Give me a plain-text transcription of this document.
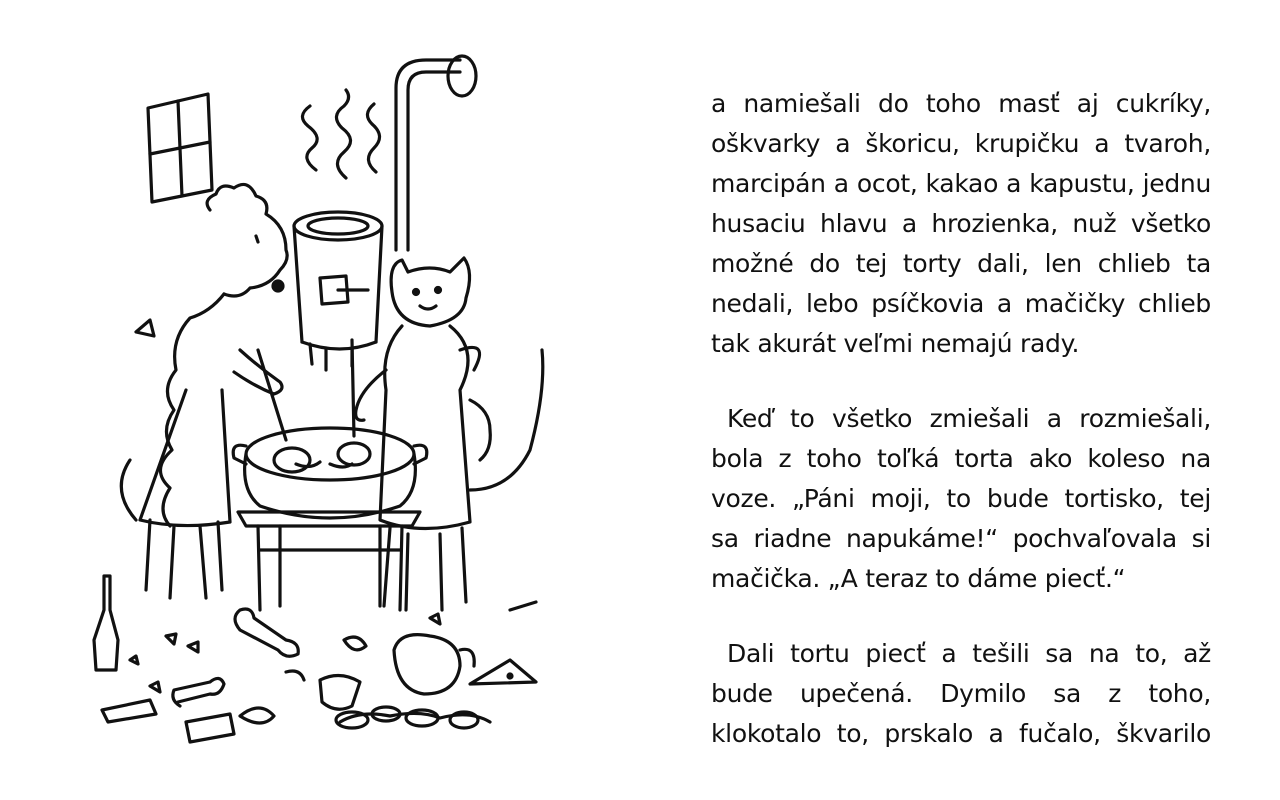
a namiešali do toho masť aj cukríky,
oškvarky a škoricu, krupičku a tvaroh,
marcipán a ocot, kakao a kapustu, jednu
husaciu hlavu a hrozienka, nuž všetko
možné do tej torty dali, len chlieb ta
nedali, lebo psíčkovia a mačičky chlieb
tak akurát veľmi nemajú rady.
Keď to všetko zmiešali a rozmiešali,
bola z toho toľká torta ako koleso na
voze. „Páni moji, to bude tortisko, tej
sa riadne napukáme!“ pochvaľovala si
mačička. „A teraz to dáme piecť.“
Dali tortu piecť a tešili sa na to, až
bude upečená. Dymilo sa z toho,
klokotalo to, prskalo a fučalo, škvarilo
